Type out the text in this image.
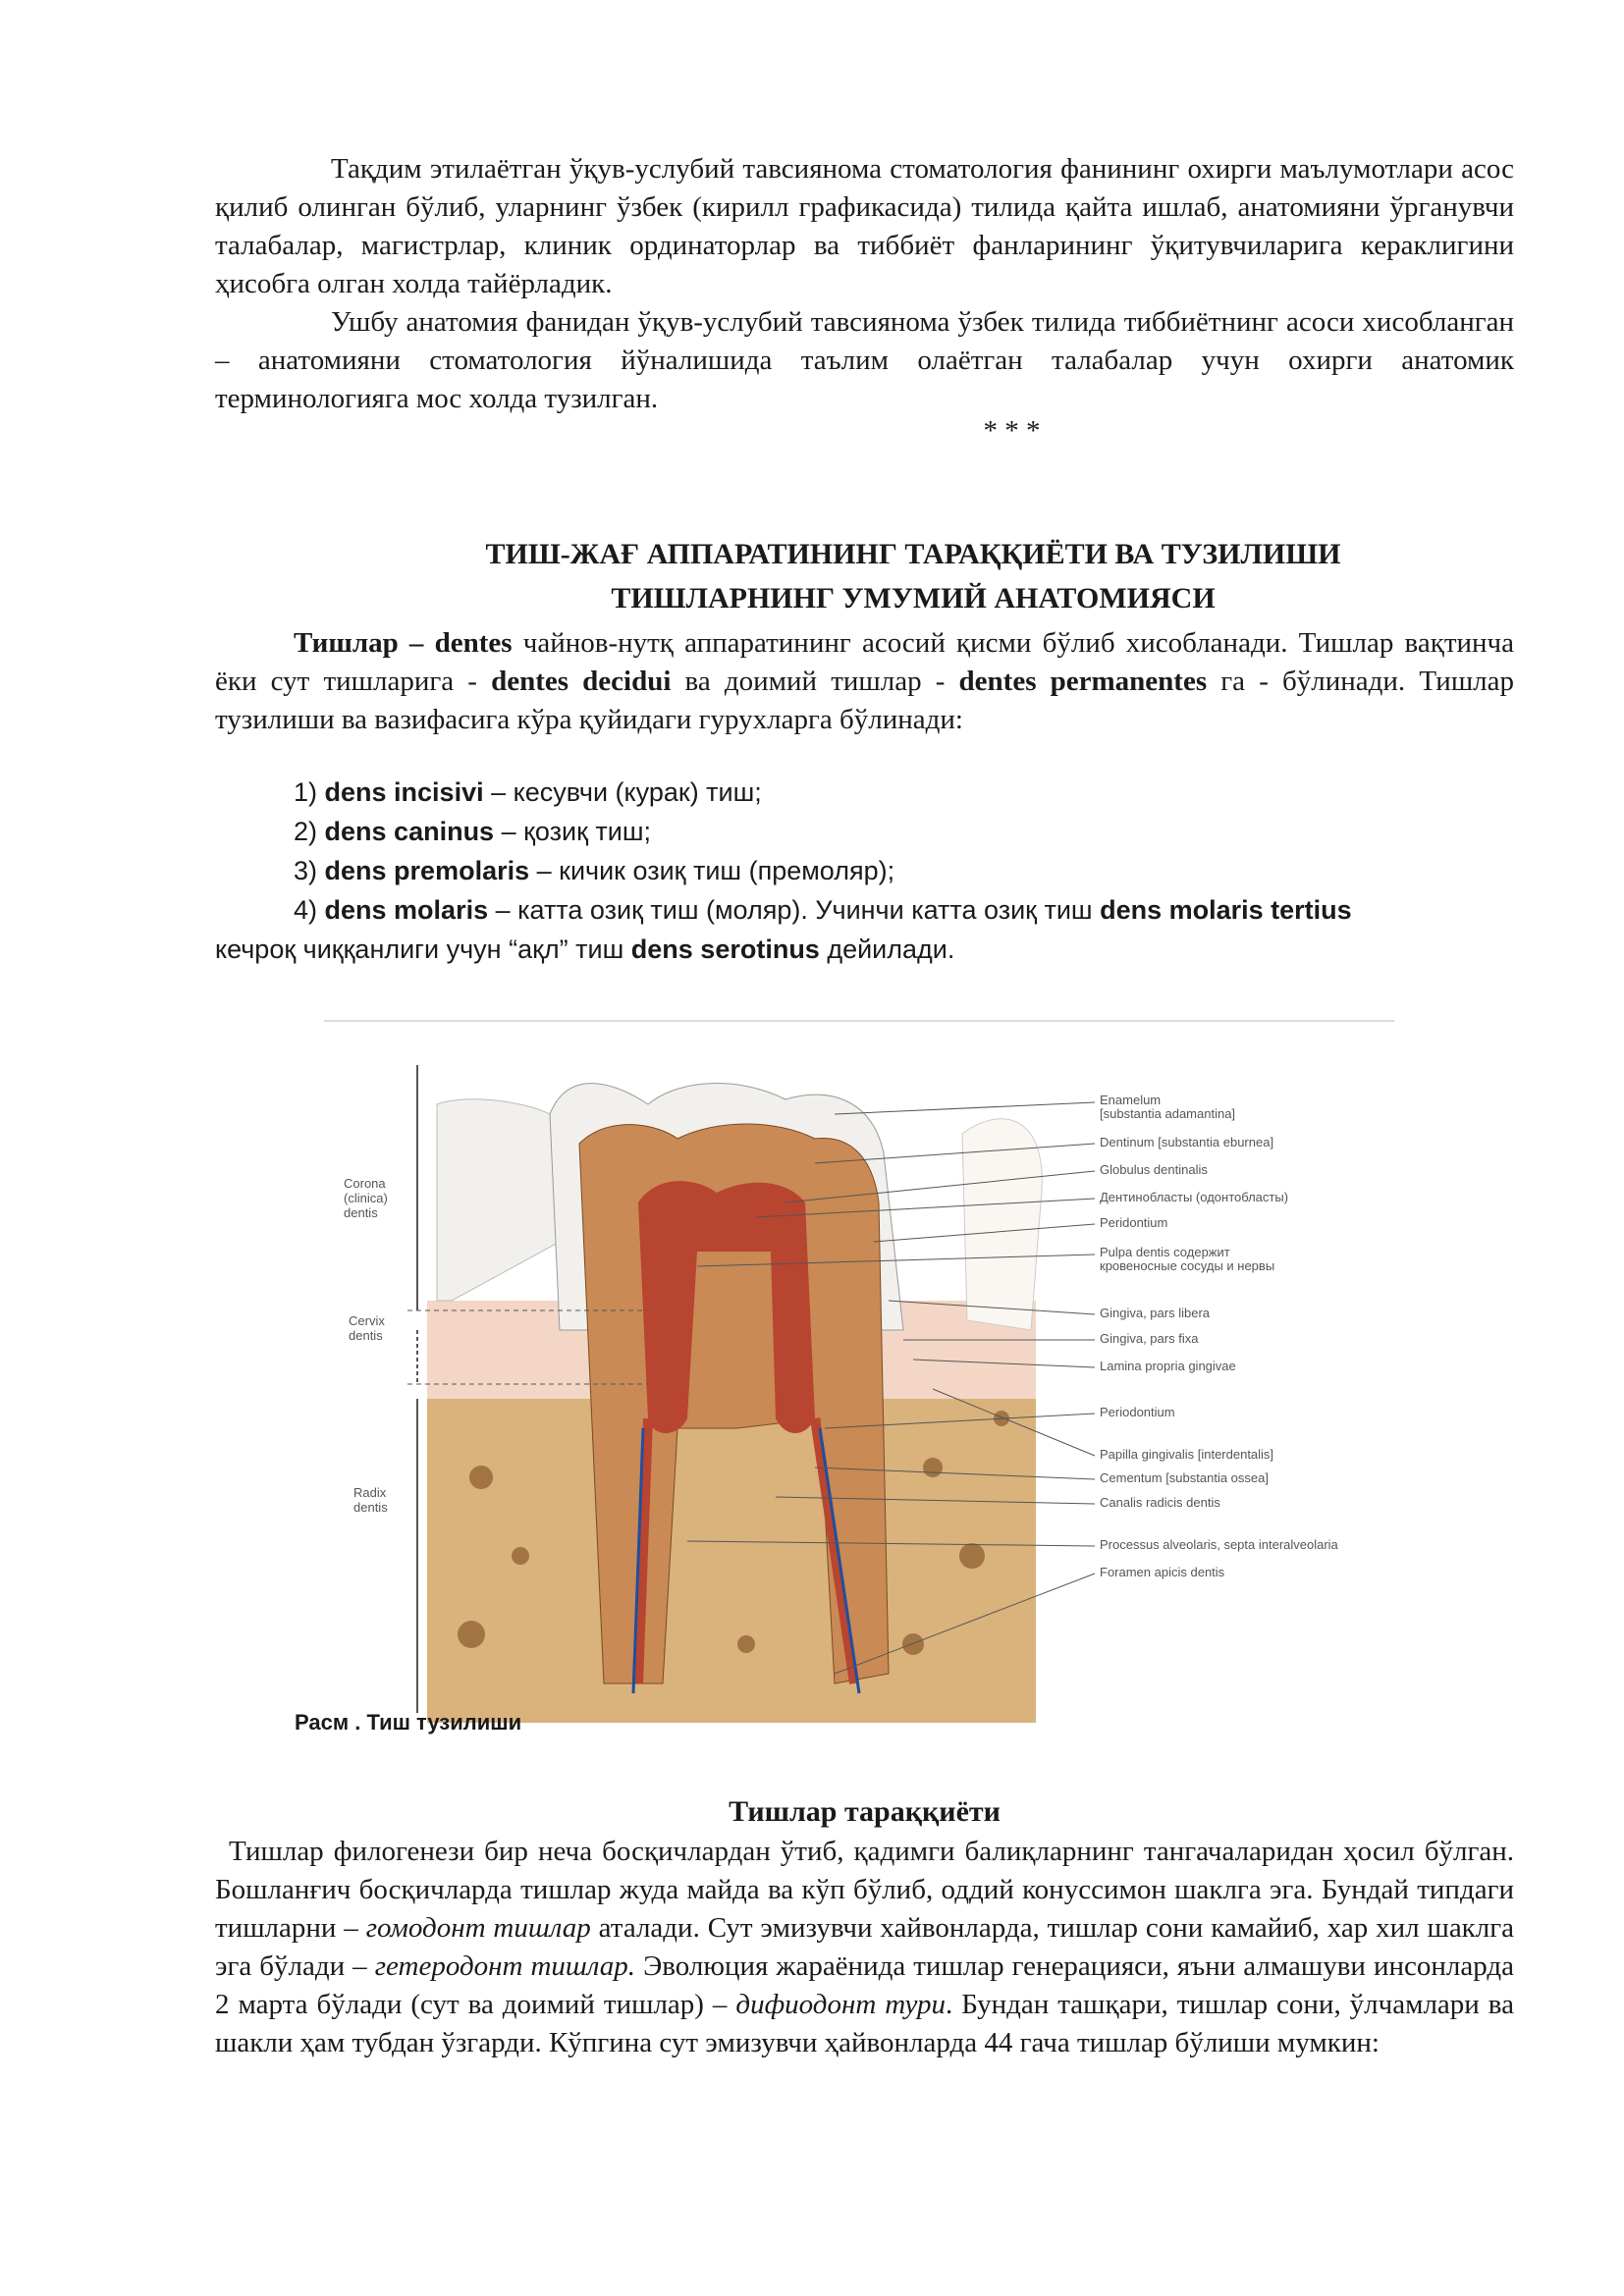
Тақдим этилаётган ўқув-услубий тавсиянома стоматология фанининг охирги маълумотлари асос қилиб олинган бўлиб, уларнинг ўзбек (кирилл графикасида) тилида қайта ишлаб, анатомияни ўрганувчи талабалар, магистрлар, клиник ординаторлар ва тиббиёт фанларининг ўқитувчиларига кераклигини ҳисобга олган холда тайёрладик.

Ушбу анатомия фанидан ўқув-услубий тавсиянома ўзбек тилида тиббиётнинг асоси хисобланган – анатомияни стоматология йўналишида таълим олаётган талабалар учун охирги анатомик терминологияга мос холда тузилган.

* * *
ТИШ-ЖАҒ АППАРАТИНИНГ ТАРАҚҚИЁТИ ВА ТУЗИЛИШИ
ТИШЛАРНИНГ УМУМИЙ АНАТОМИЯСИ

Тишлар – dentes чайнов-нутқ аппаратининг асосий қисми бўлиб хисобланади. Тишлар вақтинча ёки сут тишларига - dentes decidui ва доимий тишлар - dentes permanentes га - бўлинади. Тишлар тузилиши ва вазифасига кўра қуйидаги гурухларга бўлинади:

1) dens incisivi – кесувчи (курак) тиш;

2) dens caninus – қозиқ тиш;

3) dens premolaris – кичик озиқ тиш (премоляр);

4) dens molaris – катта озиқ тиш (моляр). Учинчи катта озиқ тиш dens molaris tertius

кечроқ чиққанлиги учун “ақл” тиш dens serotinus дейилади.

Corona
(clinica)
dentis
Cervix
dentis
Radix
dentis
Enamelum
[substantia adamantina]
Dentinum [substantia eburnea]
Globulus dentinalis
Дентинобласты (одонтобласты)
Peridontium
Pulpa dentis содержит
кровеносные сосуды и нервы
Gingiva, pars libera
Gingiva, pars fixa
Lamina propria gingivae
Periodontium
Papilla gingivalis [interdentalis]
Cementum [substantia ossea]
Canalis radicis dentis
Processus alveolaris, septa interalveolaria
Foramen apicis dentis
Расм . Тиш тузилиши
Тишлар тараққиёти

Тишлар филогенези бир неча босқичлардан ўтиб, қадимги балиқларнинг тангачаларидан ҳосил бўлган. Бошланғич босқичларда тишлар жуда майда ва кўп бўлиб, оддий конуссимон шаклга эга. Бундай типдаги тишларни – гомодонт тишлар аталади. Сут эмизувчи хайвонларда, тишлар сони камайиб, хар хил шаклга эга бўлади – гетеродонт тишлар. Эволюция жараёнида тишлар генерацияси, яъни алмашуви инсонларда 2 марта бўлади (сут ва доимий тишлар) – дифиодонт тури. Бундан ташқари, тишлар сони, ўлчамлари ва шакли ҳам тубдан ўзгарди. Кўпгина сут эмизувчи ҳайвонларда 44 гача тишлар бўлиши мумкин:
